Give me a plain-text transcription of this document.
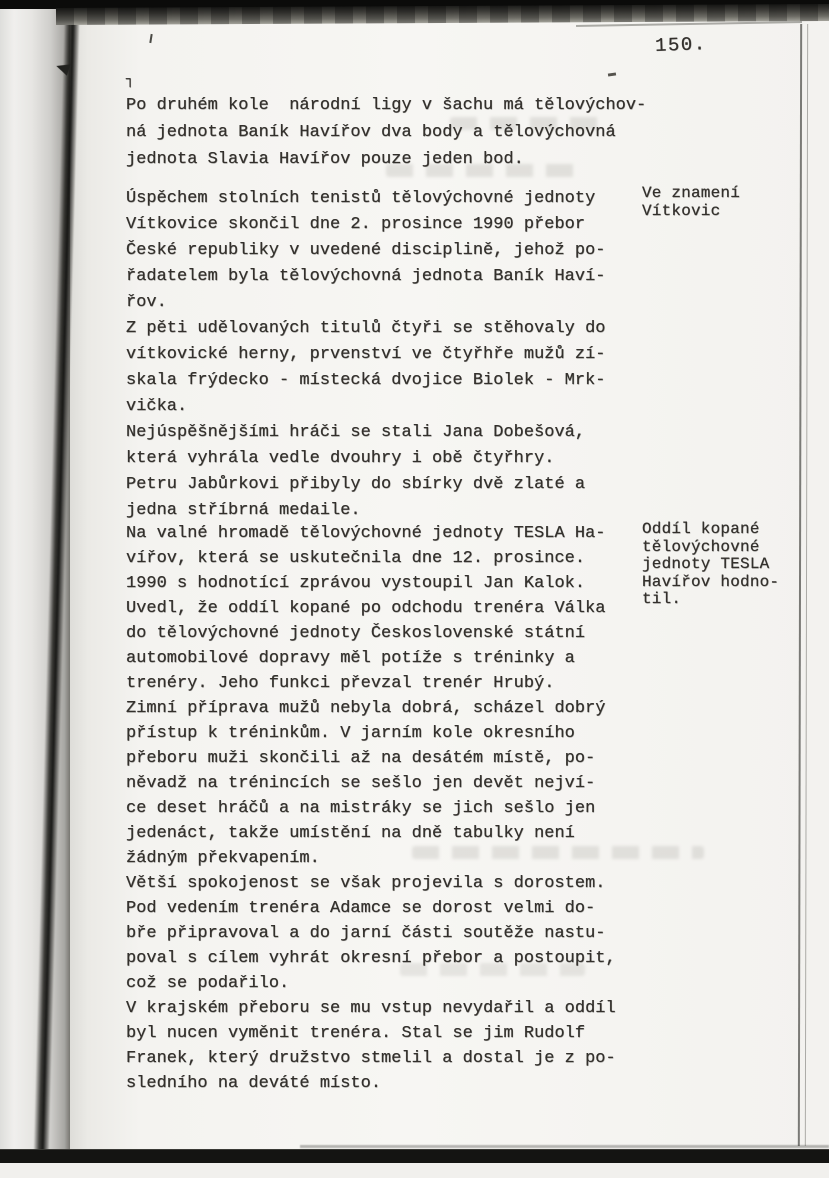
150.
┐
Po druhém kole  národní ligy v šachu má tělovýchov-
ná jednota Baník Havířov dva body a tělovýchovná
jednota Slavia Havířov pouze jeden bod.
Úspěchem stolních tenistů tělovýchovné jednoty
Vítkovice skončil dne 2. prosince 1990 přebor
České republiky v uvedené disciplině, jehož po-
řadatelem byla tělovýchovná jednota Baník Haví-
řov.
Z pěti udělovaných titulů čtyři se stěhovaly do
vítkovické herny, prvenství ve čtyřhře mužů zí-
skala frýdecko - místecká dvojice Biolek - Mrk-
vička.
Nejúspěšnějšími hráči se stali Jana Dobešová,
která vyhrála vedle dvouhry i obě čtyřhry.
Petru Jabůrkovi přibyly do sbírky dvě zlaté a
jedna stříbrná medaile.
Na valné hromadě tělovýchovné jednoty TESLA Ha-
vířov, která se uskutečnila dne 12. prosince.
1990 s hodnotící zprávou vystoupil Jan Kalok.
Uvedl, že oddíl kopané po odchodu trenéra Válka
do tělovýchovné jednoty Československé státní
automobilové dopravy měl potíže s tréninky a
trenéry. Jeho funkci převzal trenér Hrubý.
Zimní příprava mužů nebyla dobrá, scházel dobrý
přístup k tréninkům. V jarním kole okresního
přeboru muži skončili až na desátém místě, po-
něvadž na trénincích se sešlo jen devět nejví-
ce deset hráčů a na mistráky se jich sešlo jen
jedenáct, takže umístění na dně tabulky není
žádným překvapením.
Větší spokojenost se však projevila s dorostem.
Pod vedením trenéra Adamce se dorost velmi do-
bře připravoval a do jarní části soutěže nastu-
poval s cílem vyhrát okresní přebor a postoupit,
což se podařilo.
V krajském přeboru se mu vstup nevydařil a oddíl
byl nucen vyměnit trenéra. Stal se jim Rudolf
Franek, který družstvo stmelil a dostal je z po-
sledního na deváté místo.
Ve znamení
Vítkovic
Oddíl kopané
tělovýchovné
jednoty TESLA
Havířov hodno-
til.
